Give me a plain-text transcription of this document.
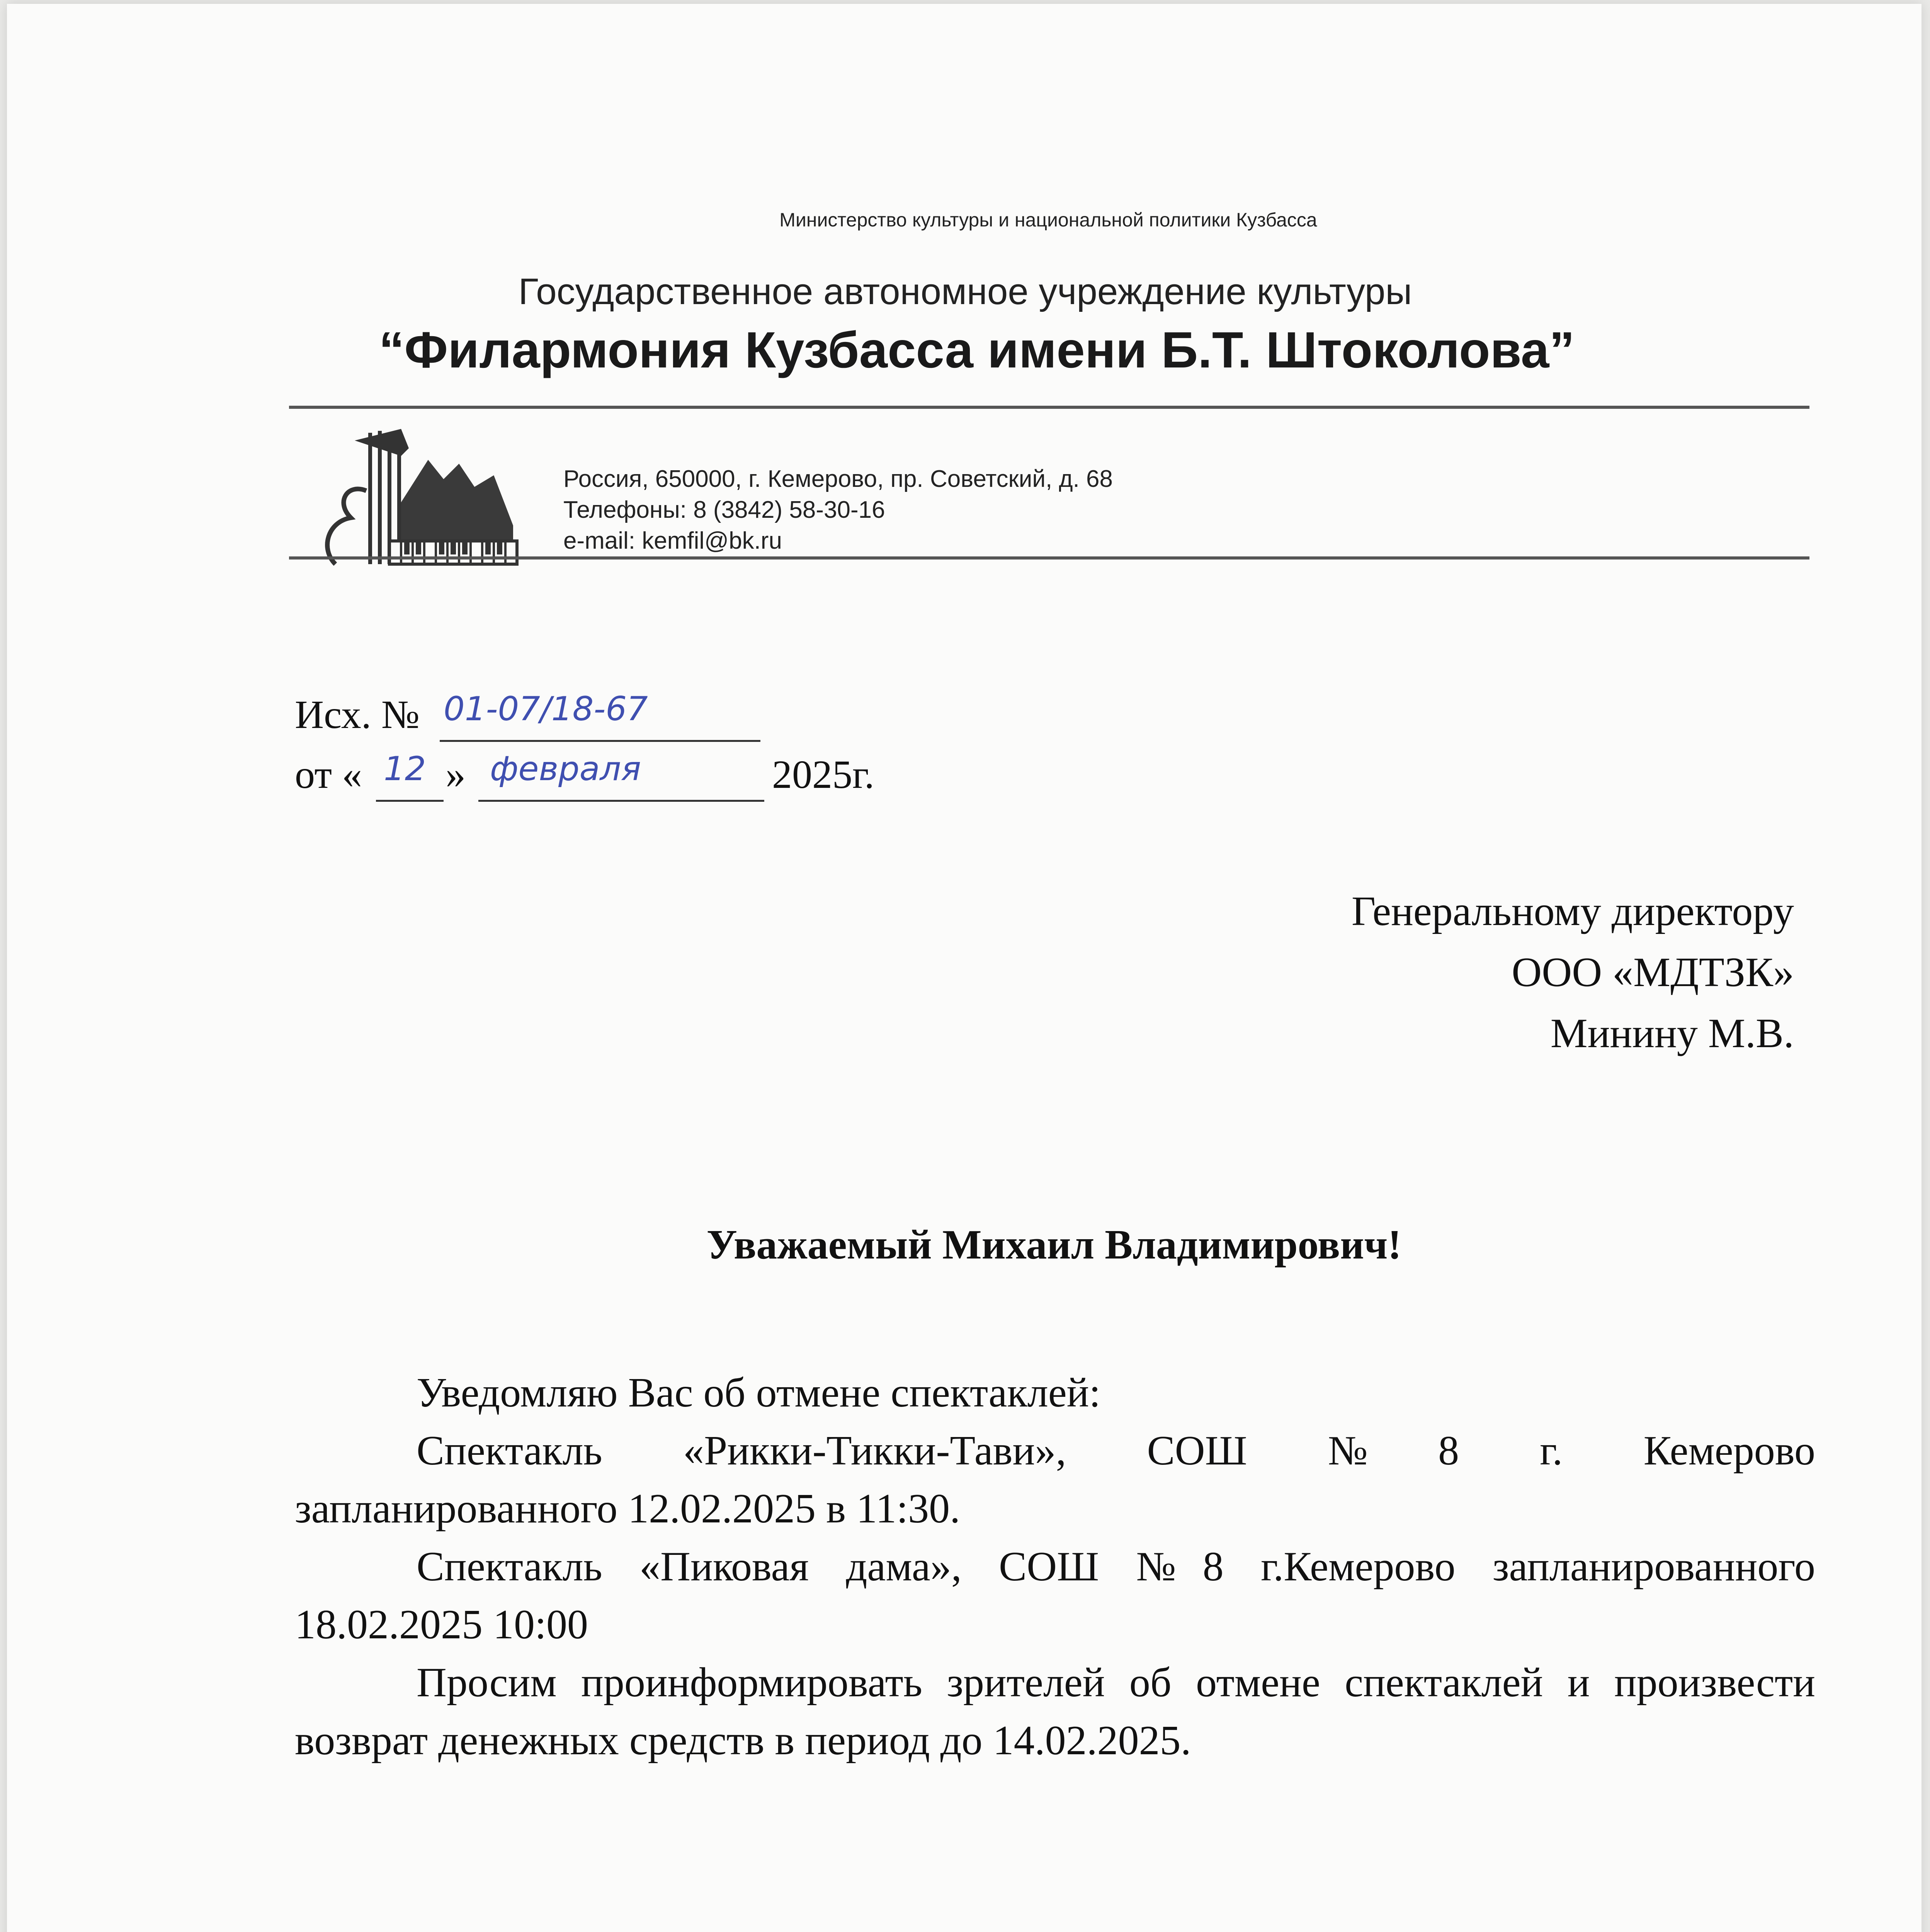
Министерство культуры и национальной политики Кузбасса
Государственное автономное учреждение культуры
“Филармония Кузбасса имени Б.Т. Штоколова”
Россия, 650000, г. Кемерово, пр. Советский, д. 68
Телефоны: 8 (3842) 58-30-16
e-mail: kemfil@bk.ru
Исх. № 01-07/18-67
от « 12 » февраля	2025г.
Генеральному директору
ООО «МДТЗК»
Минину М.В.
Уважаемый Михаил Владимирович!
Уведомляю Вас об отмене спектаклей:
Спектакль «Рикки-Тикки-Тави», СОШ №8 г. Кемерово
запланированного 12.02.2025 в 11:30.
Спектакль «Пиковая дама», СОШ №8 г.Кемерово запланированного
18.02.2025 10:00
Просим проинформировать зрителей об отмене спектаклей и произвести
возврат денежных средств в период до 14.02.2025.
